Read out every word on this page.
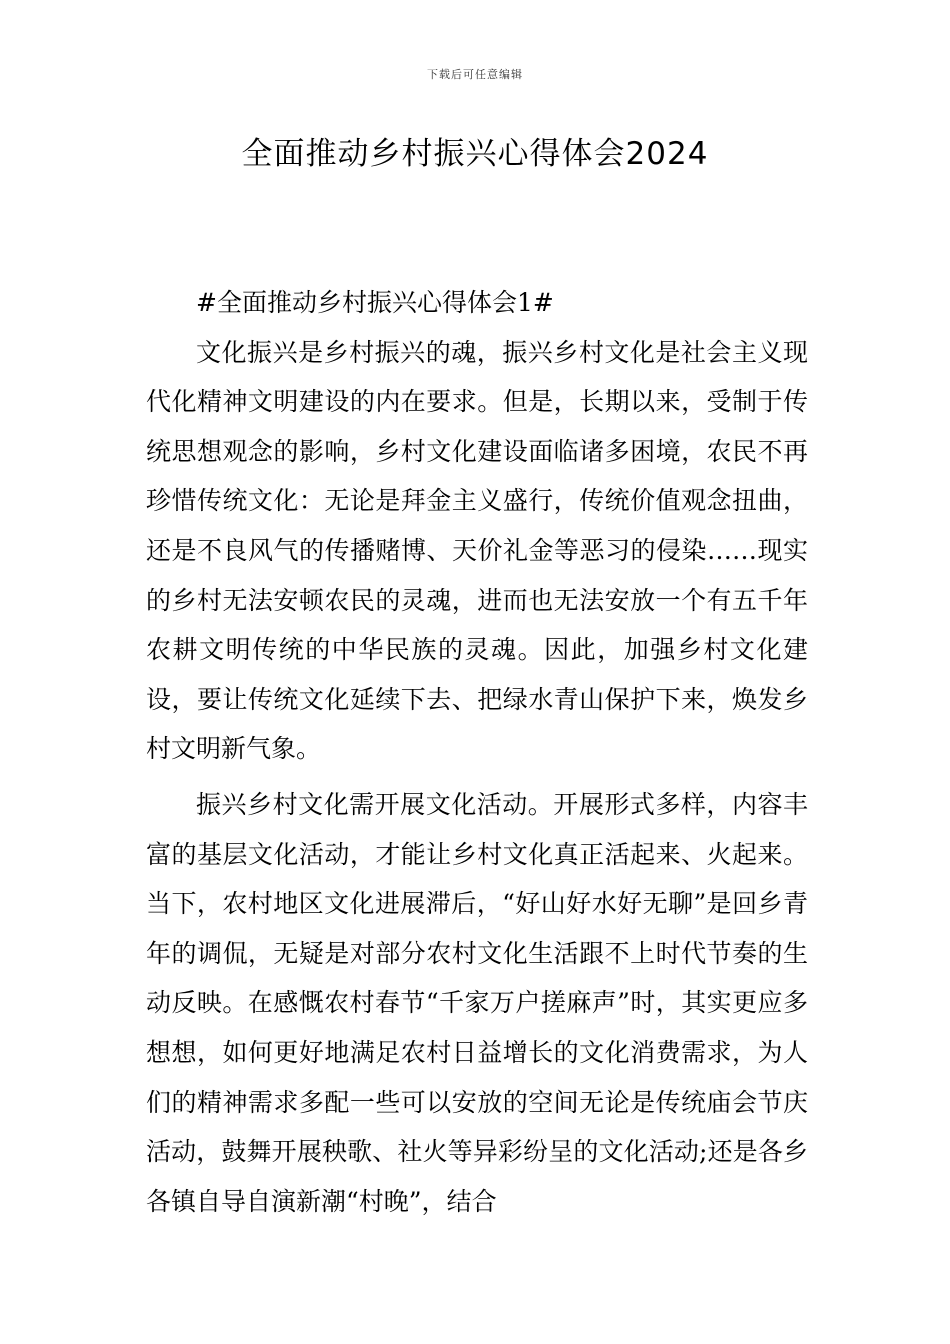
下载后可任意编辑
全面推动乡村振兴心得体会2024

#全面推动乡村振兴心得体会1#

文化振兴是乡村振兴的魂，振兴乡村文化是社会主义现代化精神文明建设的内在要求。但是，长期以来，受制于传统思想观念的影响，乡村文化建设面临诸多困境，农民不再珍惜传统文化：无论是拜金主义盛行，传统价值观念扭曲，还是不良风气的传播赌博、天价礼金等恶习的侵染……现实的乡村无法安顿农民的灵魂，进而也无法安放一个有五千年农耕文明传统的中华民族的灵魂。因此，加强乡村文化建设，要让传统文化延续下去、把绿水青山保护下来，焕发乡村文明新气象。

振兴乡村文化需开展文化活动。开展形式多样，内容丰富的基层文化活动，才能让乡村文化真正活起来、火起来。当下，农村地区文化进展滞后，“好山好水好无聊”是回乡青年的调侃，无疑是对部分农村文化生活跟不上时代节奏的生动反映。在感慨农村春节“千家万户搓麻声”时，其实更应多想想，如何更好地满足农村日益增长的文化消费需求，为人们的精神需求多配一些可以安放的空间无论是传统庙会节庆活动，鼓舞开展秧歌、社火等异彩纷呈的文化活动;还是各乡各镇自导自演新潮“村晚”，结合
